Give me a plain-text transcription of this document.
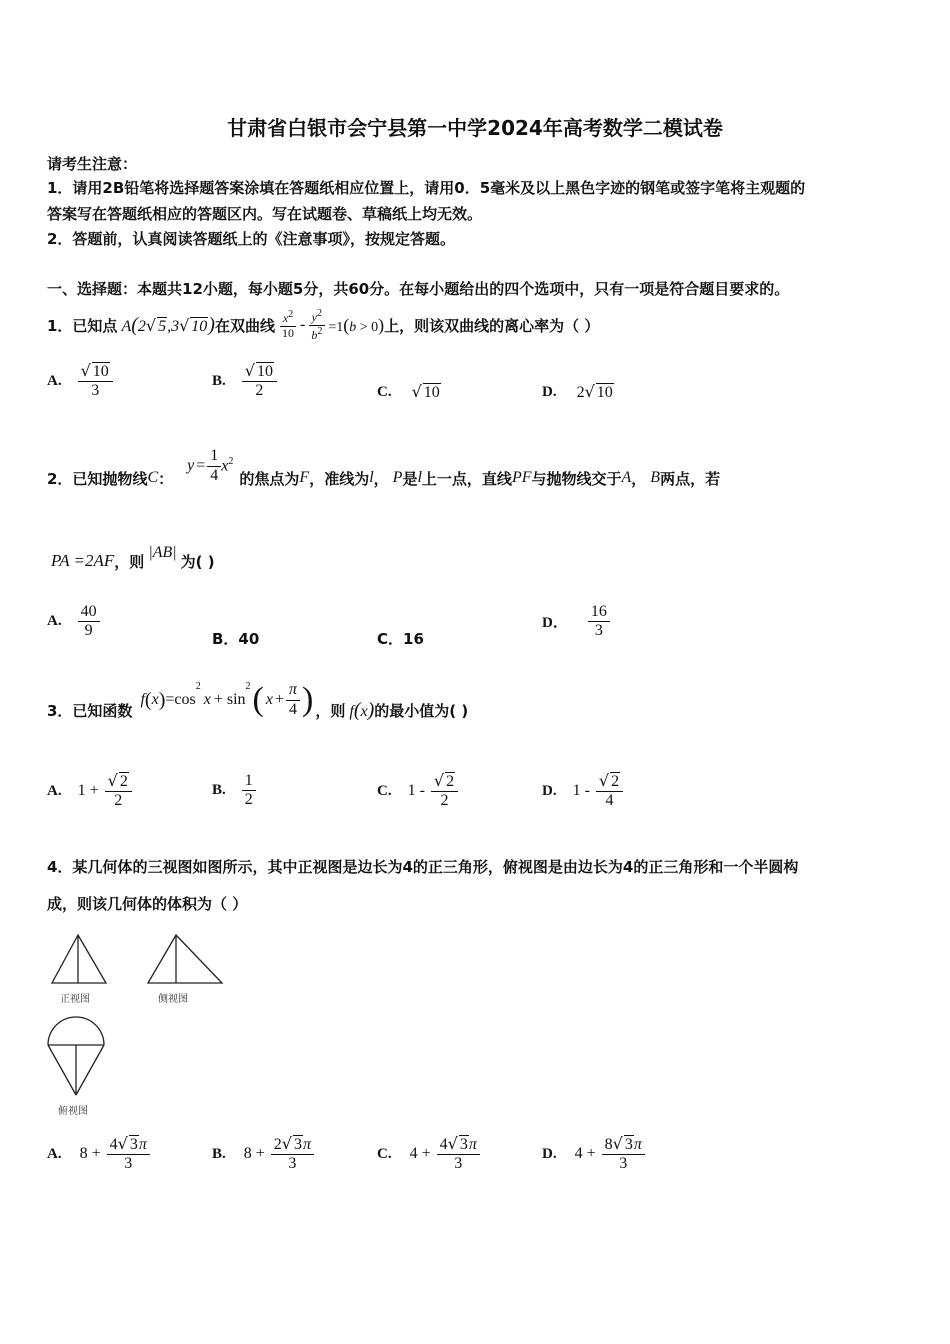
甘肃省白银市会宁县第一中学2024年高考数学二模试卷
请考生注意：
1．请用2B铅笔将选择题答案涂填在答题纸相应位置上，请用0．5毫米及以上黑色字迹的钢笔或签字笔将主观题的
答案写在答题纸相应的答题区内。写在试题卷、草稿纸上均无效。
2．答题前，认真阅读答题纸上的《注意事项》，按规定答题。
一、选择题：本题共12小题，每小题5分，共60分。在每小题给出的四个选项中，只有一项是符合题目要求的。
1．已知点 A(2√ 5,3√ 10) 在双曲线 $\frac{x^2}{10} - \frac{y^2}{b^2} =1(b > 0)$ 上，则该双曲线的离心率为（ ）
A. $\frac{√ 10}{3}$	B. $\frac{√ 10}{2}$	C. √ 10	D. 2√ 10
2．已知抛物线 C ：
$y = \frac{1}{4} x^2$
的焦点为 F ，准线为 l ， P 是 l 上一点，直线 PF 与抛物线交于 A ， B 两点，若
PA =2AF ，则 |AB| 为( )
A. $\frac{40}{9}$	B．40	C．16
D． $\frac{16}{3}$
3．已知函数
f ( x ) =cos
$^2$
x + sin
$^2$ ( $x + \frac{\pi}{4}$ ) ，则 f(x) 的最小值为( )
A. $1 + \frac{√ 2}{2}$	B. $\frac{1}{2}$	C. $1 - \frac{√ 2}{2}$	D. $1 - \frac{√ 2}{4}$
4．某几何体的三视图如图所示，其中正视图是边长为4的正三角形，俯视图是由边长为4的正三角形和一个半圆构
成，则该几何体的体积为（ ）
正视图	侧视图
俯视图
A. $8 + \frac{4√ 3\pi}{3}$	B. $8 + \frac{2√ 3\pi}{3}$	C. $4 + \frac{4√ 3\pi}{3}$	D. $4 + \frac{8√ 3\pi}{3}$
